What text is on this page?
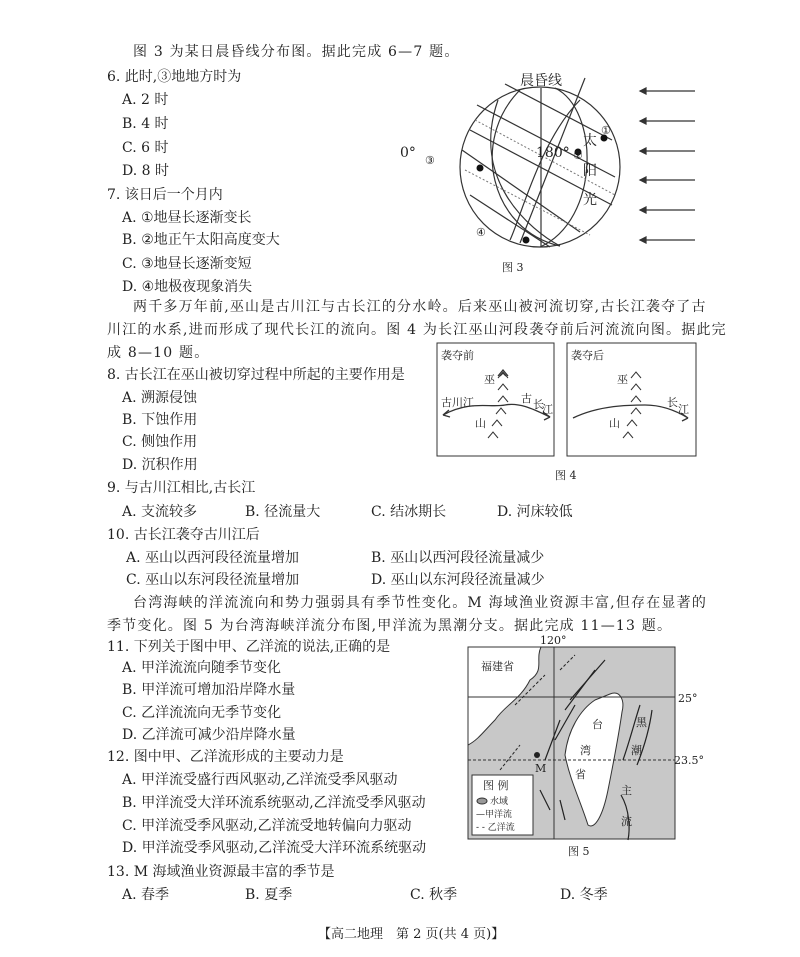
图 3 为某日晨昏线分布图。据此完成 6—7 题。
6. 此时,③地地方时为
A. 2 时
B. 4 时
C. 6 时
D. 8 时
7. 该日后一个月内
A. ①地昼长逐渐变长
B. ②地正午太阳高度变大
C. ③地昼长逐渐变短
D. ④地极夜现象消失
晨昏线
0°	180°
①
②
③
④
太
阳
光
图 3
两千多万年前,巫山是古川江与古长江的分水岭。后来巫山被河流切穿,古长江袭夺了古
川江的水系,进而形成了现代长江的流向。图 4 为长江巫山河段袭夺前后河流流向图。据此完
成 8—10 题。
8. 古长江在巫山被切穿过程中所起的主要作用是
A. 溯源侵蚀
B. 下蚀作用
C. 侧蚀作用
D. 沉积作用
袭夺前	袭夺后
巫
山
古川江	古 长
江
巫
山
长
江
图 4
9. 与古川江相比,古长江
A. 支流较多	B. 径流量大	C. 结冰期长	D. 河床较低
10. 古长江袭夺古川江后
A. 巫山以西河段径流量增加	B. 巫山以西河段径流量减少
C. 巫山以东河段径流量增加	D. 巫山以东河段径流量减少
台湾海峡的洋流流向和势力强弱具有季节性变化。M 海域渔业资源丰富,但存在显著的
季节变化。图 5 为台湾海峡洋流分布图,甲洋流为黑潮分支。据此完成 11—13 题。
11. 下列关于图中甲、乙洋流的说法,正确的是
A. 甲洋流流向随季节变化
B. 甲洋流可增加沿岸降水量
C. 乙洋流流向无季节变化
D. 乙洋流可减少沿岸降水量
12. 图中甲、乙洋流形成的主要动力是
A. 甲洋流受盛行西风驱动,乙洋流受季风驱动
B. 甲洋流受大洋环流系统驱动,乙洋流受季风驱动
C. 甲洋流受季风驱动,乙洋流受地转偏向力驱动
D. 甲洋流受季风驱动,乙洋流受大洋环流系统驱动
13. M 海域渔业资源最丰富的季节是
A. 春季	B. 夏季	C. 秋季	D. 冬季
120°
25°
23.5°
福建省
台
湾
省
黑
潮
主
流
M
图 例
水域
—甲洋流
- - 乙洋流
图 5
【高二地理　第 2 页(共 4 页)】
